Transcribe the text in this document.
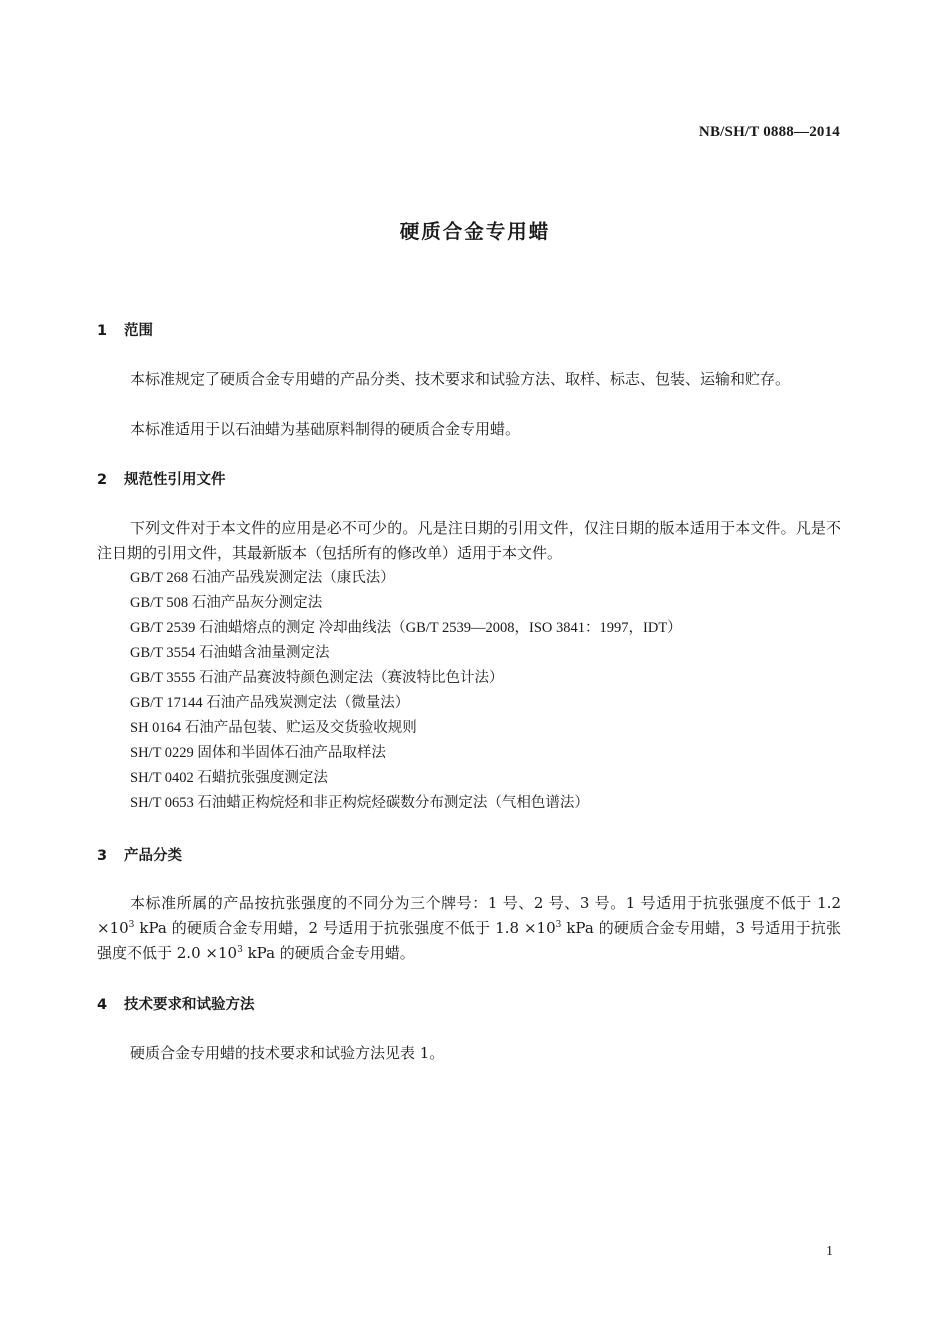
NB/SH/T 0888—2014
硬质合金专用蜡
1 范围

本标准规定了硬质合金专用蜡的产品分类、技术要求和试验方法、取样、标志、包装、运输和贮存。

本标准适用于以石油蜡为基础原料制得的硬质合金专用蜡。

2 规范性引用文件

下列文件对于本文件的应用是必不可少的。凡是注日期的引用文件，仅注日期的版本适用于本文件。凡是不注日期的引用文件，其最新版本（包括所有的修改单）适用于本文件。

GB/T 268 石油产品残炭测定法（康氏法）
GB/T 508 石油产品灰分测定法
GB/T 2539 石油蜡熔点的测定 冷却曲线法（GB/T 2539—2008，ISO 3841：1997，IDT）
GB/T 3554 石油蜡含油量测定法
GB/T 3555 石油产品赛波特颜色测定法（赛波特比色计法）
GB/T 17144 石油产品残炭测定法（微量法）
SH 0164 石油产品包装、贮运及交货验收规则
SH/T 0229 固体和半固体石油产品取样法
SH/T 0402 石蜡抗张强度测定法
SH/T 0653 石油蜡正构烷烃和非正构烷烃碳数分布测定法（气相色谱法）
3 产品分类

本标准所属的产品按抗张强度的不同分为三个牌号：1 号、2 号、3 号。1 号适用于抗张强度不低于 $1.2 \times 10^3$ kPa 的硬质合金专用蜡，2 号适用于抗张强度不低于 $1.8 \times 10^3$ kPa 的硬质合金专用蜡，3 号适用于抗张强度不低于 $2.0 \times 10^3$ kPa 的硬质合金专用蜡。

4 技术要求和试验方法

硬质合金专用蜡的技术要求和试验方法见表 1。

1
